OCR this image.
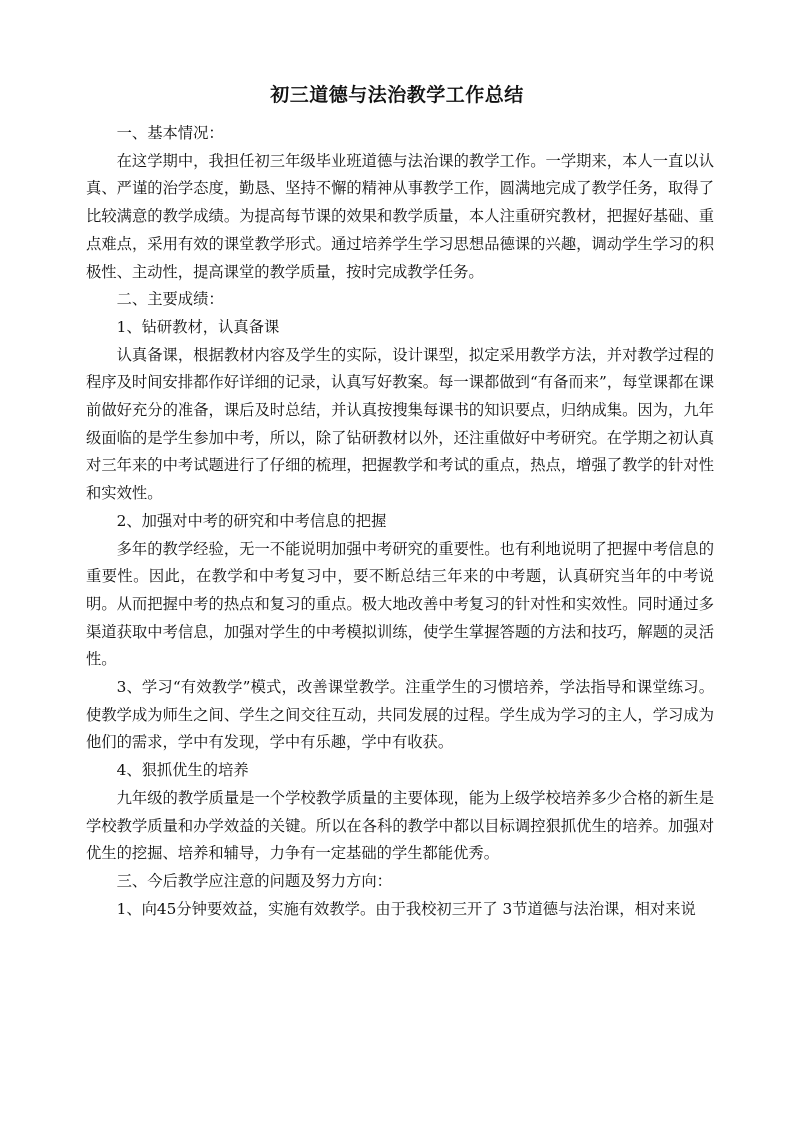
初三道德与法治教学工作总结

一、基本情况：

在这学期中，我担任初三年级毕业班道德与法治课的教学工作。一学期来，本人一直以认真、严谨的治学态度，勤恳、坚持不懈的精神从事教学工作，圆满地完成了教学任务，取得了比较满意的教学成绩。为提高每节课的效果和教学质量，本人注重研究教材，把握好基础、重点难点，采用有效的课堂教学形式。通过培养学生学习思想品德课的兴趣，调动学生学习的积极性、主动性，提高课堂的教学质量，按时完成教学任务。

二、主要成绩：

1、钻研教材，认真备课

认真备课，根据教材内容及学生的实际，设计课型，拟定采用教学方法，并对教学过程的程序及时间安排都作好详细的记录，认真写好教案。每一课都做到“有备而来”，每堂课都在课前做好充分的准备，课后及时总结，并认真按搜集每课书的知识要点，归纳成集。因为，九年级面临的是学生参加中考，所以，除了钻研教材以外，还注重做好中考研究。在学期之初认真对三年来的中考试题进行了仔细的梳理，把握教学和考试的重点，热点，增强了教学的针对性和实效性。

2、加强对中考的研究和中考信息的把握

多年的教学经验，无一不能说明加强中考研究的重要性。也有利地说明了把握中考信息的重要性。因此，在教学和中考复习中，要不断总结三年来的中考题，认真研究当年的中考说明。从而把握中考的热点和复习的重点。极大地改善中考复习的针对性和实效性。同时通过多渠道获取中考信息，加强对学生的中考模拟训练，使学生掌握答题的方法和技巧，解题的灵活性。

3、学习“有效教学”模式，改善课堂教学。注重学生的习惯培养，学法指导和课堂练习。使教学成为师生之间、学生之间交往互动，共同发展的过程。学生成为学习的主人，学习成为他们的需求，学中有发现，学中有乐趣，学中有收获。

4、狠抓优生的培养

九年级的教学质量是一个学校教学质量的主要体现，能为上级学校培养多少合格的新生是学校教学质量和办学效益的关键。所以在各科的教学中都以目标调控狠抓优生的培养。加强对优生的挖掘、培养和辅导，力争有一定基础的学生都能优秀。

三、今后教学应注意的问题及努力方向：

1、向45分钟要效益，实施有效教学。由于我校初三开了 3节道德与法治课，相对来说
